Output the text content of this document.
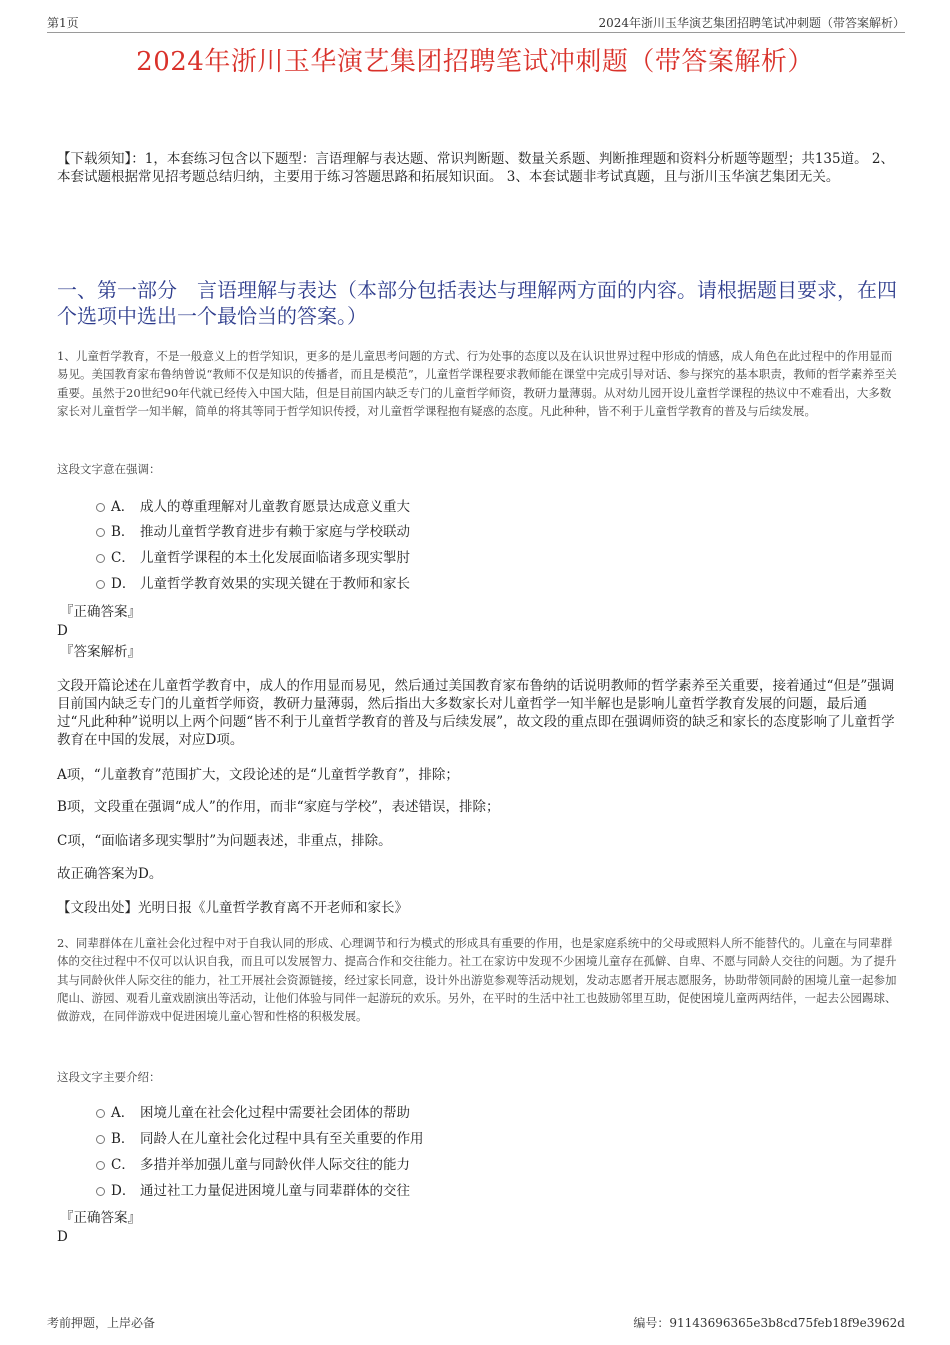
第1页	2024年浙川玉华演艺集团招聘笔试冲刺题（带答案解析）
2024年浙川玉华演艺集团招聘笔试冲刺题（带答案解析）
【下载须知】：1，本套练习包含以下题型：言语理解与表达题、常识判断题、数量关系题、判断推理题和资料分析题等题型；共135道。 2、本套试题根据常见招考题总结归纳，主要用于练习答题思路和拓展知识面。 3、本套试题非考试真题，且与浙川玉华演艺集团无关。
一、第一部分　言语理解与表达（本部分包括表达与理解两方面的内容。请根据题目要求，在四个选项中选出一个最恰当的答案。）
1、儿童哲学教育，不是一般意义上的哲学知识，更多的是儿童思考问题的方式、行为处事的态度以及在认识世界过程中形成的情感，成人角色在此过程中的作用显而易见。美国教育家布鲁纳曾说“教师不仅是知识的传播者，而且是模范”，儿童哲学课程要求教师能在课堂中完成引导对话、参与探究的基本职责，教师的哲学素养至关重要。虽然于20世纪90年代就已经传入中国大陆，但是目前国内缺乏专门的儿童哲学师资，教研力量薄弱。从对幼儿园开设儿童哲学课程的热议中不难看出，大多数家长对儿童哲学一知半解，简单的将其等同于哲学知识传授，对儿童哲学课程抱有疑惑的态度。凡此种种，皆不利于儿童哲学教育的普及与后续发展。
这段文字意在强调：
A． 成人的尊重理解对儿童教育愿景达成意义重大
B． 推动儿童哲学教育进步有赖于家庭与学校联动
C． 儿童哲学课程的本土化发展面临诸多现实掣肘
D． 儿童哲学教育效果的实现关键在于教师和家长
『正确答案』
D
『答案解析』
文段开篇论述在儿童哲学教育中，成人的作用显而易见，然后通过美国教育家布鲁纳的话说明教师的哲学素养至关重要，接着通过“但是”强调目前国内缺乏专门的儿童哲学师资，教研力量薄弱，然后指出大多数家长对儿童哲学一知半解也是影响儿童哲学教育发展的问题，最后通过“凡此种种”说明以上两个问题“皆不利于儿童哲学教育的普及与后续发展”，故文段的重点即在强调师资的缺乏和家长的态度影响了儿童哲学教育在中国的发展，对应D项。
A项，“儿童教育”范围扩大，文段论述的是“儿童哲学教育”，排除；
B项，文段重在强调“成人”的作用，而非“家庭与学校”，表述错误，排除；
C项，“面临诸多现实掣肘”为问题表述，非重点，排除。
故正确答案为D。
【文段出处】光明日报《儿童哲学教育离不开老师和家长》
2、同辈群体在儿童社会化过程中对于自我认同的形成、心理调节和行为模式的形成具有重要的作用，也是家庭系统中的父母或照料人所不能替代的。儿童在与同辈群体的交往过程中不仅可以认识自我，而且可以发展智力、提高合作和交往能力。社工在家访中发现不少困境儿童存在孤僻、自卑、不愿与同龄人交往的问题。为了提升其与同龄伙伴人际交往的能力，社工开展社会资源链接，经过家长同意，设计外出游览参观等活动规划，发动志愿者开展志愿服务，协助带领同龄的困境儿童一起参加爬山、游园、观看儿童戏剧演出等活动，让他们体验与同伴一起游玩的欢乐。另外，在平时的生活中社工也鼓励邻里互助，促使困境儿童两两结伴，一起去公园踢球、做游戏，在同伴游戏中促进困境儿童心智和性格的积极发展。
这段文字主要介绍：
A． 困境儿童在社会化过程中需要社会团体的帮助
B． 同龄人在儿童社会化过程中具有至关重要的作用
C． 多措并举加强儿童与同龄伙伴人际交往的能力
D． 通过社工力量促进困境儿童与同辈群体的交往
『正确答案』
D
考前押题，上岸必备	编号：91143696365e3b8cd75feb18f9e3962d
